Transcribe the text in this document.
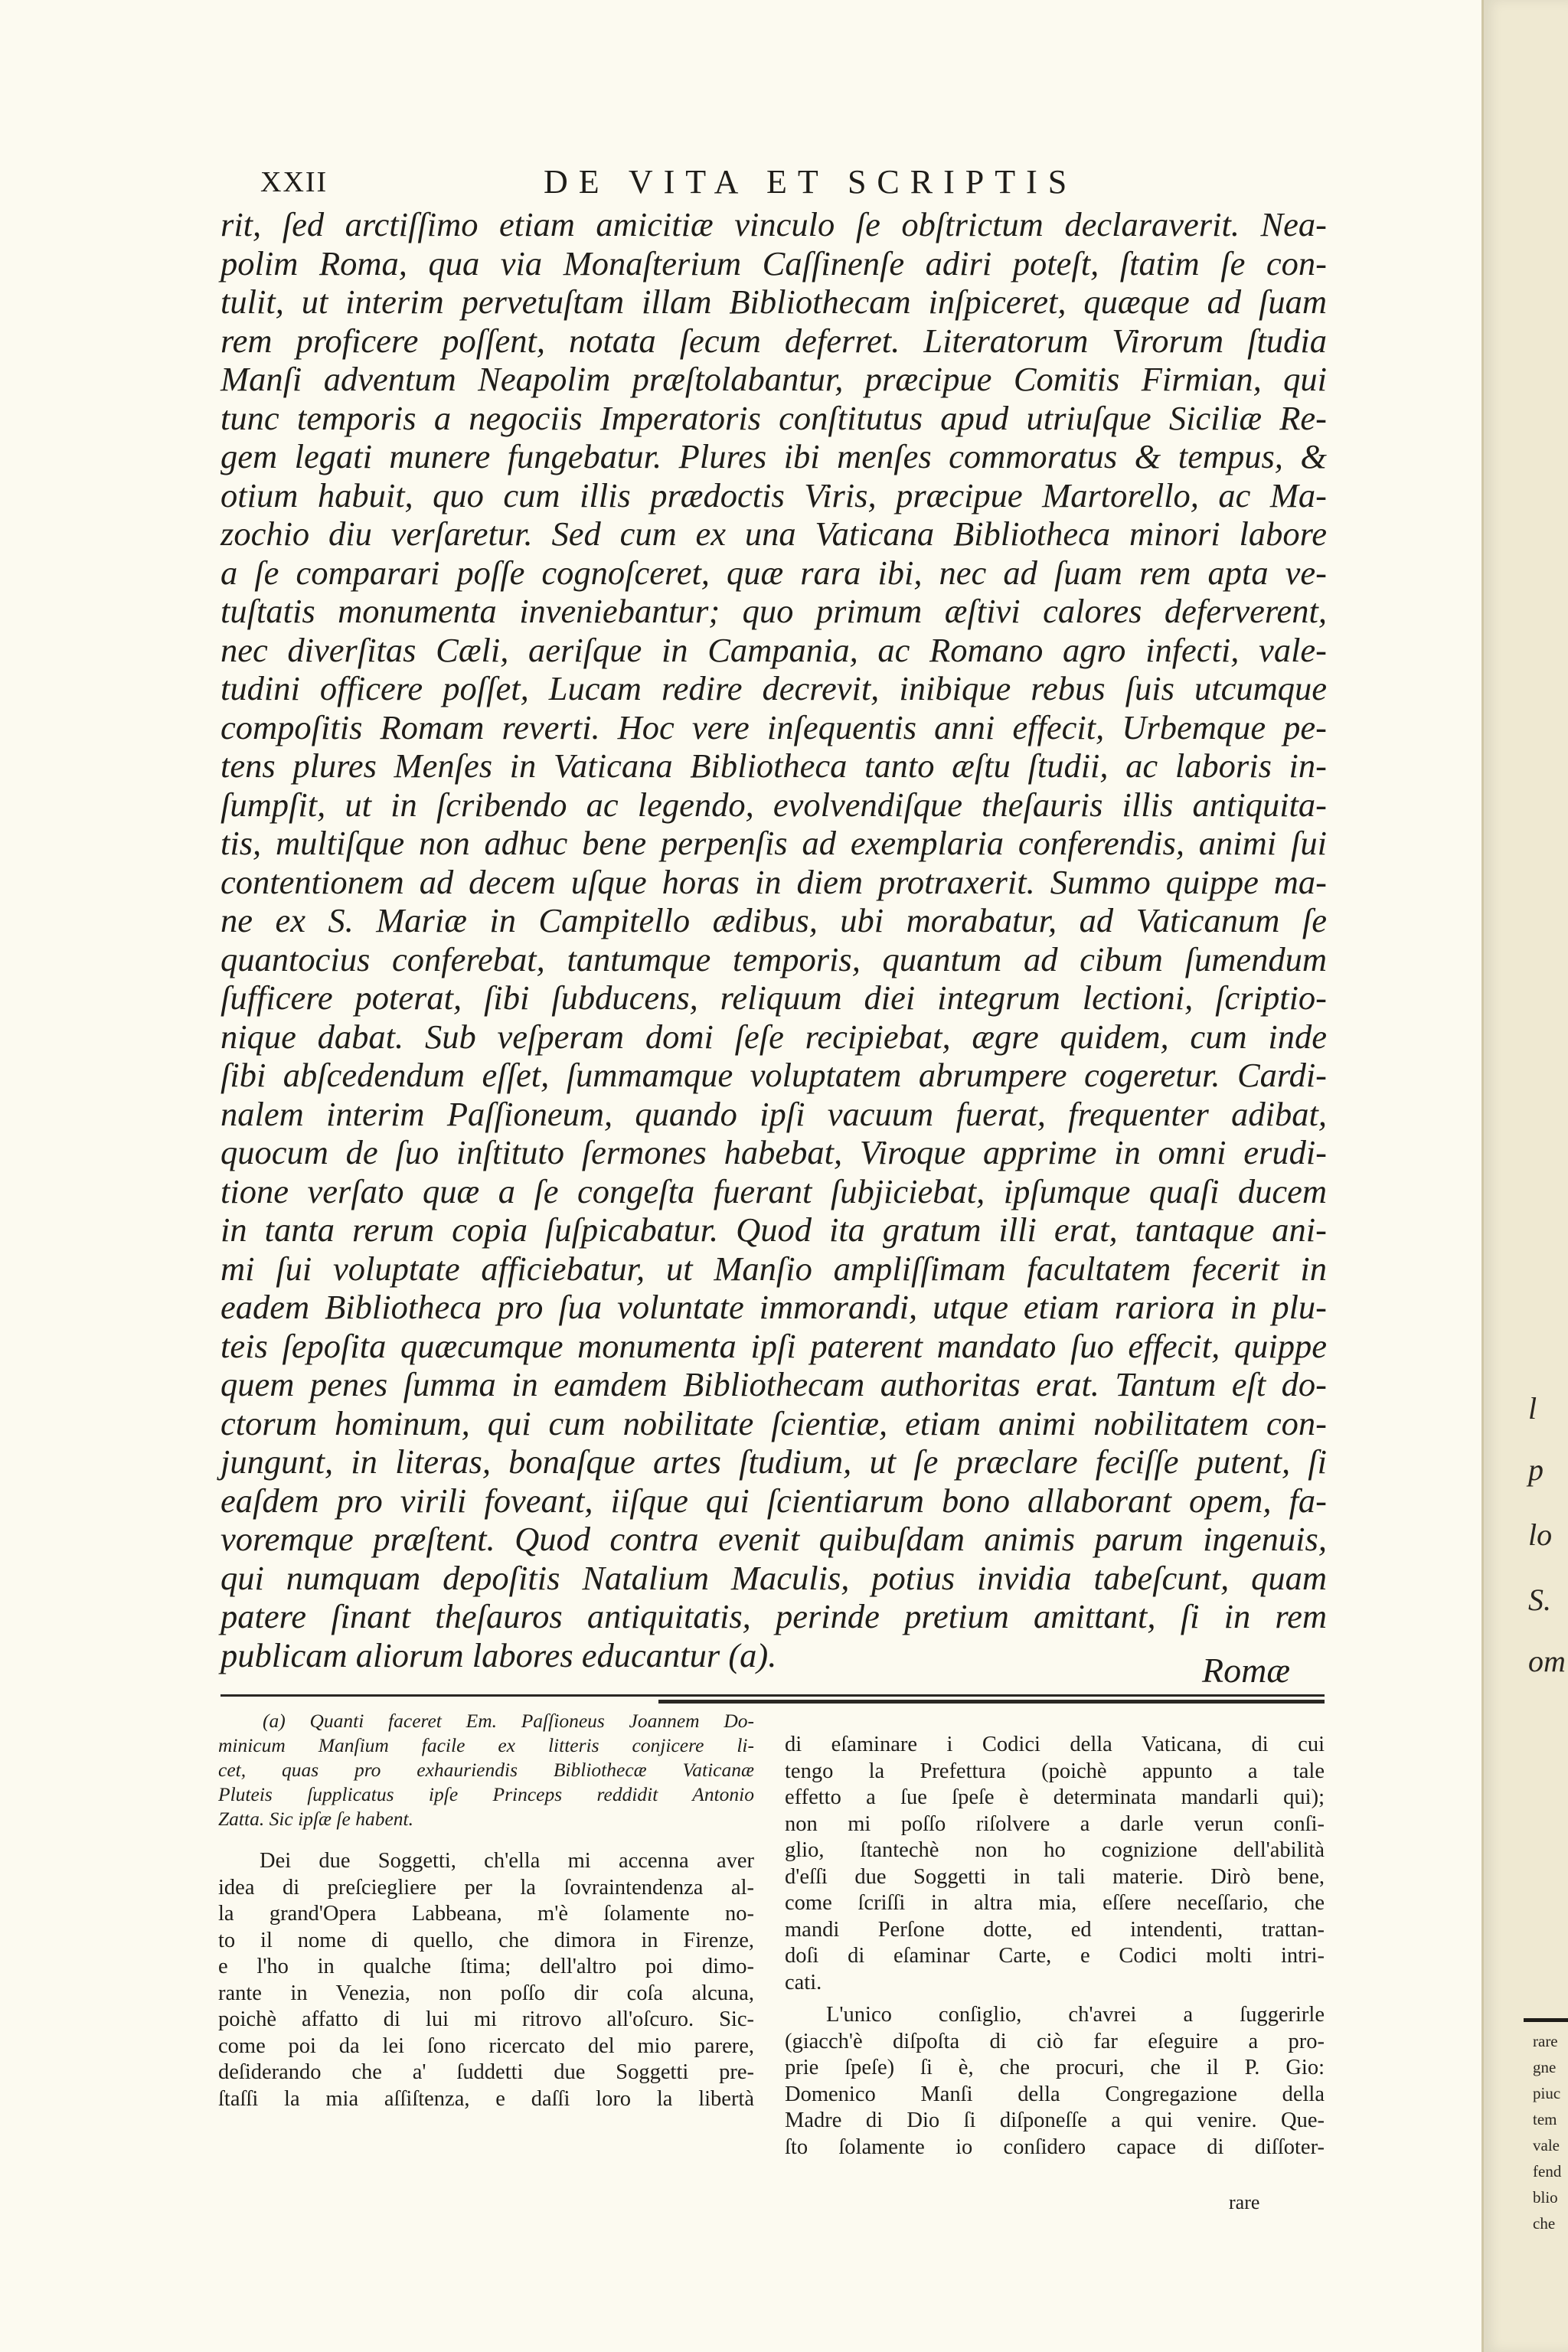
XXII	DE VITA ET SCRIPTIS

rit, ſed arctiſſimo etiam amicitiæ vinculo ſe obſtrictum declaraverit. Nea-
polim Roma, qua via Monaſterium Caſſinenſe adiri poteſt, ſtatim ſe con-
tulit, ut interim pervetuſtam illam Bibliothecam inſpiceret, quæque ad ſuam
rem proficere poſſent, notata ſecum deferret. Literatorum Virorum ſtudia
Manſi adventum Neapolim præſtolabantur, præcipue Comitis Firmian, qui
tunc temporis a negociis Imperatoris conſtitutus apud utriuſque Siciliæ Re-
gem legati munere fungebatur. Plures ibi menſes commoratus & tempus, &
otium habuit, quo cum illis prædoctis Viris, præcipue Martorello, ac Ma-
zochio diu verſaretur. Sed cum ex una Vaticana Bibliotheca minori labore
a ſe comparari poſſe cognoſceret, quæ rara ibi, nec ad ſuam rem apta ve-
tuſtatis monumenta inveniebantur; quo primum æſtivi calores deferverent,
nec diverſitas Cæli, aeriſque in Campania, ac Romano agro infecti, vale-
tudini officere poſſet, Lucam redire decrevit, inibique rebus ſuis utcumque
compoſitis Romam reverti. Hoc vere inſequentis anni effecit, Urbemque pe-
tens plures Menſes in Vaticana Bibliotheca tanto æſtu ſtudii, ac laboris in-
ſumpſit, ut in ſcribendo ac legendo, evolvendiſque theſauris illis antiquita-
tis, multiſque non adhuc bene perpenſis ad exemplaria conferendis, animi ſui
contentionem ad decem uſque horas in diem protraxerit. Summo quippe ma-
ne ex S. Mariæ in Campitello ædibus, ubi morabatur, ad Vaticanum ſe
quantocius conferebat, tantumque temporis, quantum ad cibum ſumendum
ſufficere poterat, ſibi ſubducens, reliquum diei integrum lectioni, ſcriptio-
nique dabat. Sub veſperam domi ſeſe recipiebat, ægre quidem, cum inde
ſibi abſcedendum eſſet, ſummamque voluptatem abrumpere cogeretur. Cardi-
nalem interim Paſſioneum, quando ipſi vacuum fuerat, frequenter adibat,
quocum de ſuo inſtituto ſermones habebat, Viroque apprime in omni erudi-
tione verſato quæ a ſe congeſta fuerant ſubjiciebat, ipſumque quaſi ducem
in tanta rerum copia ſuſpicabatur. Quod ita gratum illi erat, tantaque ani-
mi ſui voluptate afficiebatur, ut Manſio ampliſſimam facultatem fecerit in
eadem Bibliotheca pro ſua voluntate immorandi, utque etiam rariora in plu-
teis ſepoſita quæcumque monumenta ipſi paterent mandato ſuo effecit, quippe
quem penes ſumma in eamdem Bibliothecam authoritas erat. Tantum eſt do-
ctorum hominum, qui cum nobilitate ſcientiæ, etiam animi nobilitatem con-
jungunt, in literas, bonaſque artes ſtudium, ut ſe præclare feciſſe putent, ſi
eaſdem pro virili foveant, iiſque qui ſcientiarum bono allaborant opem, fa-
voremque præſtent. Quod contra evenit quibuſdam animis parum ingenuis,
qui numquam depoſitis Natalium Maculis, potius invidia tabeſcunt, quam
patere ſinant theſauros antiquitatis, perinde pretium amittant, ſi in rem
publicam aliorum labores educantur (a).	Romæ

(a) Quanti faceret Em. Paſſioneus Joannem Do-
minicum Manſium facile ex litteris conjicere li-
cet, quas pro exhauriendis Bibliothecæ Vaticanæ
Pluteis ſupplicatus ipſe Princeps reddidit Antonio
Zatta. Sic ipſæ ſe habent.

Dei due Soggetti, ch'ella mi accenna aver
idea di preſciegliere per la ſovraintendenza al-
la grand'Opera Labbeana, m'è ſolamente no-
to il nome di quello, che dimora in Firenze,
e l'ho in qualche ſtima; dell'altro poi dimo-
rante in Venezia, non poſſo dir coſa alcuna,
poichè affatto di lui mi ritrovo all'oſcuro. Sic-
come poi da lei ſono ricercato del mio parere,
deſiderando che a' ſuddetti due Soggetti pre-
ſtaſſi la mia aſſiſtenza, e daſſi loro la libertà

di eſaminare i Codici della Vaticana, di cui
tengo la Prefettura (poichè appunto a tale
effetto a ſue ſpeſe è determinata mandarli qui);
non mi poſſo riſolvere a darle verun conſi-
glio, ſtantechè non ho cognizione dell'abilità
d'eſſi due Soggetti in tali materie. Dirò bene,
come ſcriſſi in altra mia, eſſere neceſſario, che
mandi Perſone dotte, ed intendenti, trattan-
doſi di eſaminar Carte, e Codici molti intri-
cati.

L'unico conſiglio, ch'avrei a ſuggerirle
(giacch'è diſpoſta di ciò far eſeguire a pro-
prie ſpeſe) ſi è, che procuri, che il P. Gio:
Domenico Manſi della Congregazione della
Madre di Dio ſi diſponeſſe a qui venire. Que-
ſto ſolamente io conſidero capace di diſſoter-

rare
l
p
lo
S.
om
rare
gne
piuc
tem
vale
fend
blio
che
